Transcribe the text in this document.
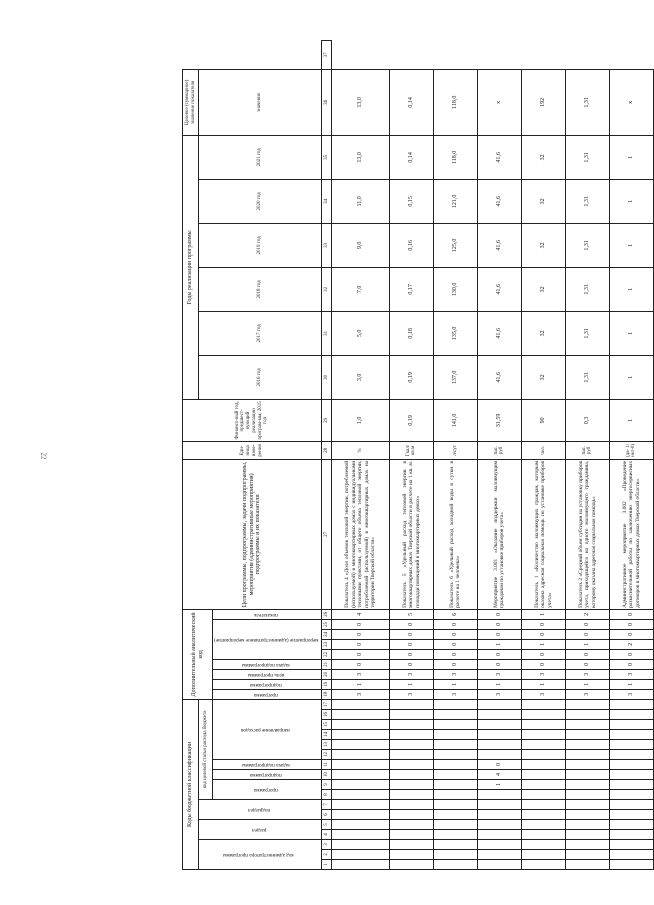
22
Коды бюджетной классификации																	Дополнительный аналитический код									Цели программы, подпрограммы, задачи подпрограммы, мероприятия (административные мероприятия) подпрограммы и их показатели	Еди-ница изме-рения	Финансо-вый год, предшест-вующий реализации програм-мы, 2015 год	Годы реализации программы						Целевое (суммарное) значение показателя	
код администратора программы			раздел		подраздел		код целевой статьи расхода бюджета																						2016 год	2017 год	2018 год	2019 год	2020 год	2021 год	значение	
							программа		подпрограмма	задача подпрограммы	направление расходов						программа	подпрограмма	цель программы	задача подпрограммы	мероприятие (административное мероприятие)				показатель											
1	2	3	4	5	6	7	8	9	10	11	12	13	14	15	16	17	18	19	20	21	22	23	24	25	26	27	28	29	30	31	32	33	34	35	36	37
																	3	1	3	0	0	0	0	0	4	Показатель 4 «Доля объемов тепловой энергии, потребляемой (используемой) в многоквартирных домах с индивидуальными тепловыми пунктами, от общего объема тепловой энергии, потребляемой (используемой) в многоквартирных домах на территории Тверской области»	%	1,0	3,0	5,0	7,0	9,0	11,0	13,0	13,0	
																	3	1	3	0	0	0	0	0	5	Показатель 5 «Удельный расход тепловой энергии в многоквартирных домах Тверской области в расчете на 1 кв. м. площади помещений в многоквартирных домах»	Гкал/кв.м	0,19	0,19	0,18	0,17	0,16	0,15	0,14	0,14	
																	3	1	3	0	0	0	0	0	6	Показатель 6 «Удельный расход холодной воды в сутки в расчете на 1 человека»	л/сут	141,0	137,0	135,0	130,0	125,0	121,0	118,0	118,0	
								1	4	0							3	1	3	0	0	1	0	0	0	Мероприятие 3.001 «Оказание поддержки малоимущим гражданам по установке приборов учета»	тыс. руб	31,59	41,6	41,6	41,6	41,6	41,6	41,6	х	
																	3	1	3	0	0	1	0	0	1	Показатель 1 «Количество малоимущих граждан, которым оказана адресная социальная помощь по установке приборов учета»	чел.	90	32	32	32	32	32	32	192	
																	3	1	3	0	0	1	0	0	2	Показатель 2 «Средний объем субсидии на установку приборов учета, приходящейся на одного малоимущего гражданина, которому оказана адресная социальная помощь»	тыс. руб	0,3	1,31	1,31	1,31	1,31	1,31	1,31	1,31	
																	3	1	3	0	0	2	0	0	0	Административное мероприятие 3.002 «Проведение разъяснительной работы по заключению энергосервисных договоров в многоквартирных домах Тверской области»	(да- 1/ нет-0)	1	1	1	1	1	1	1	х	
